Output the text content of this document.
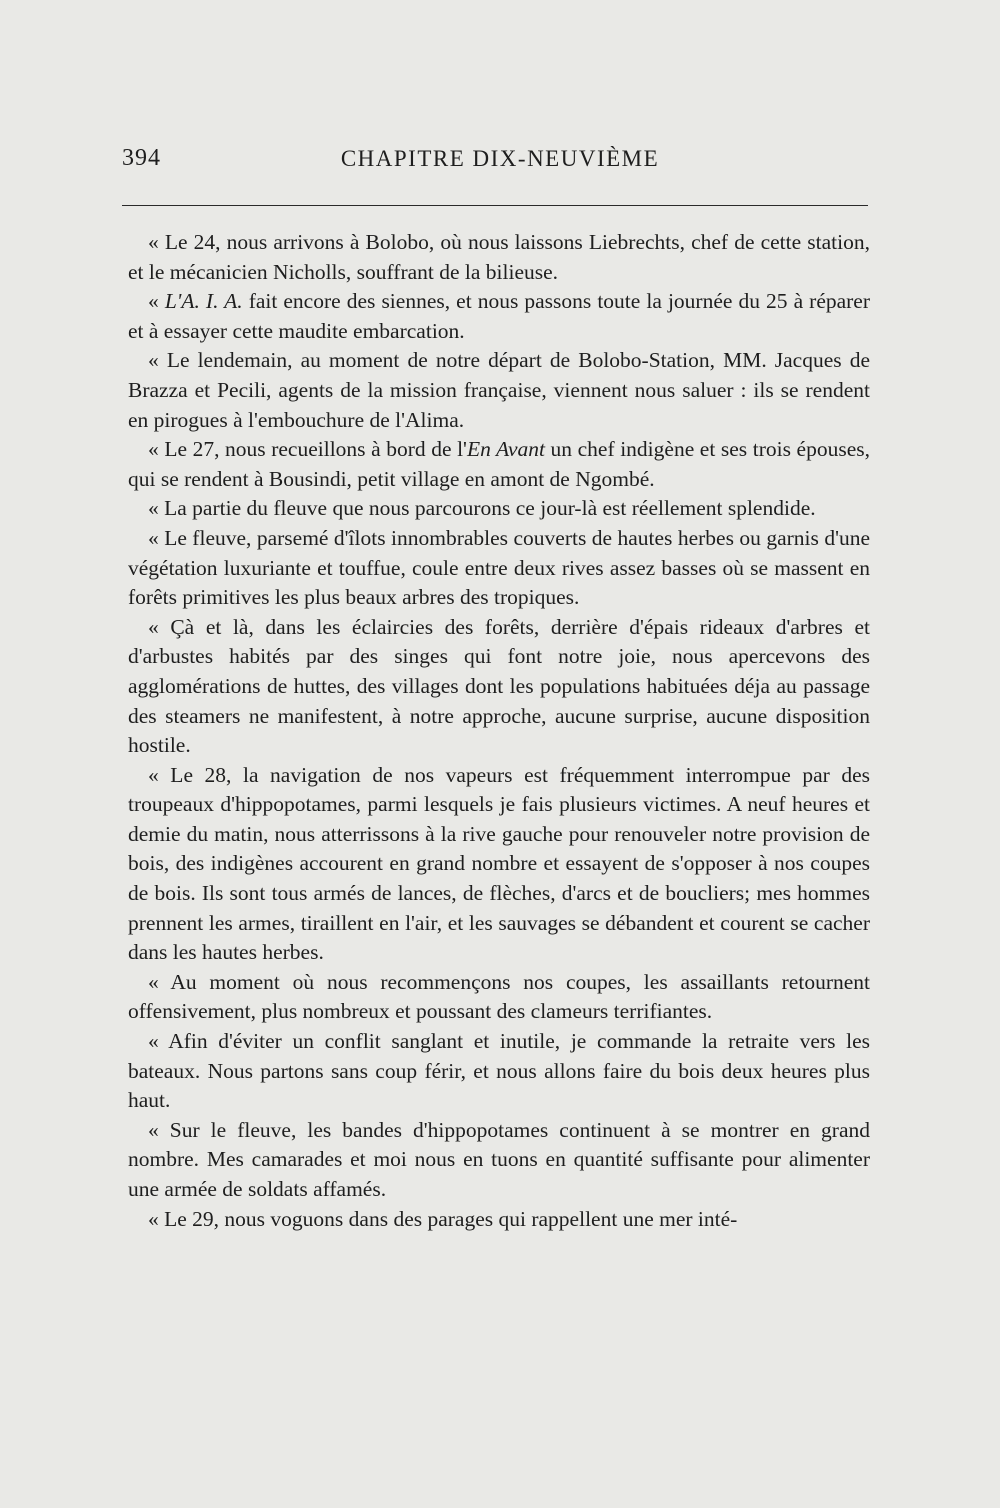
394	CHAPITRE DIX-NEUVIÈME

« Le 24, nous arrivons à Bolobo, où nous laissons Liebrechts, chef de cette station, et le mécanicien Nicholls, souffrant de la bilieuse.

« L'A. I. A. fait encore des siennes, et nous passons toute la journée du 25 à réparer et à essayer cette maudite embarcation.

« Le lendemain, au moment de notre départ de Bolobo-Station, MM. Jacques de Brazza et Pecili, agents de la mission française, viennent nous saluer : ils se rendent en pirogues à l'embouchure de l'Alima.

« Le 27, nous recueillons à bord de l'En Avant un chef indigène et ses trois épouses, qui se rendent à Bousindi, petit village en amont de Ngombé.

« La partie du fleuve que nous parcourons ce jour-là est réellement splendide.

« Le fleuve, parsemé d'îlots innombrables couverts de hautes herbes ou garnis d'une végétation luxuriante et touffue, coule entre deux rives assez basses où se massent en forêts primitives les plus beaux arbres des tropiques.

« Çà et là, dans les éclaircies des forêts, derrière d'épais rideaux d'arbres et d'arbustes habités par des singes qui font notre joie, nous apercevons des agglomérations de huttes, des villages dont les populations habituées déja au passage des steamers ne manifestent, à notre approche, aucune surprise, aucune disposition hostile.

« Le 28, la navigation de nos vapeurs est fréquemment interrompue par des troupeaux d'hippopotames, parmi lesquels je fais plusieurs victimes. A neuf heures et demie du matin, nous atterrissons à la rive gauche pour renouveler notre provision de bois, des indigènes accourent en grand nombre et essayent de s'opposer à nos coupes de bois. Ils sont tous armés de lances, de flèches, d'arcs et de boucliers; mes hommes prennent les armes, tiraillent en l'air, et les sauvages se débandent et courent se cacher dans les hautes herbes.

« Au moment où nous recommençons nos coupes, les assaillants retournent offensivement, plus nombreux et poussant des clameurs terrifiantes.

« Afin d'éviter un conflit sanglant et inutile, je commande la retraite vers les bateaux. Nous partons sans coup férir, et nous allons faire du bois deux heures plus haut.

« Sur le fleuve, les bandes d'hippopotames continuent à se montrer en grand nombre. Mes camarades et moi nous en tuons en quantité suffisante pour alimenter une armée de soldats affamés.

« Le 29, nous voguons dans des parages qui rappellent une mer inté-
